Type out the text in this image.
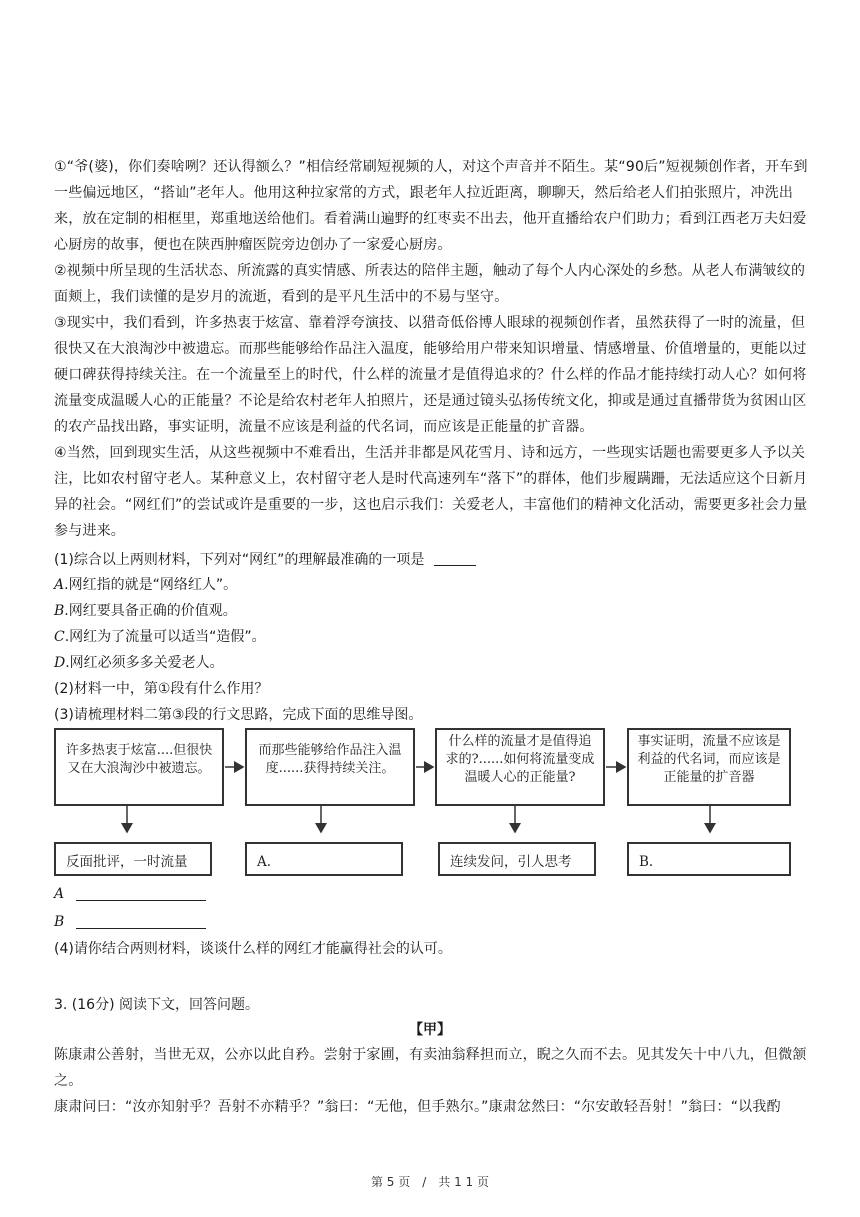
①“爷(婆)，你们奏啥咧？还认得额么？”相信经常刷短视频的人，对这个声音并不陌生。某“90后”短视频创作者，开车到一些偏远地区，“搭讪”老年人。他用这种拉家常的方式，跟老年人拉近距离，聊聊天，然后给老人们拍张照片，冲洗出来，放在定制的相框里，郑重地送给他们。看着满山遍野的红枣卖不出去，他开直播给农户们助力；看到江西老万夫妇爱心厨房的故事，便也在陕西肿瘤医院旁边创办了一家爱心厨房。

②视频中所呈现的生活状态、所流露的真实情感、所表达的陪伴主题，触动了每个人内心深处的乡愁。从老人布满皱纹的面颊上，我们读懂的是岁月的流逝，看到的是平凡生活中的不易与坚守。

③现实中，我们看到，许多热衷于炫富、靠着浮夸演技、以猎奇低俗博人眼球的视频创作者，虽然获得了一时的流量，但很快又在大浪淘沙中被遗忘。而那些能够给作品注入温度，能够给用户带来知识增量、情感增量、价值增量的，更能以过硬口碑获得持续关注。在一个流量至上的时代，什么样的流量才是值得追求的？什么样的作品才能持续打动人心？如何将流量变成温暖人心的正能量？不论是给农村老年人拍照片，还是通过镜头弘扬传统文化，抑或是通过直播带货为贫困山区的农产品找出路，事实证明，流量不应该是利益的代名词，而应该是正能量的扩音器。

④当然，回到现实生活，从这些视频中不难看出，生活并非都是风花雪月、诗和远方，一些现实话题也需要更多人予以关注，比如农村留守老人。某种意义上，农村留守老人是时代高速列车“落下”的群体，他们步履蹒跚，无法适应这个日新月异的社会。“网红们”的尝试或许是重要的一步，这也启示我们：关爱老人，丰富他们的精神文化活动，需要更多社会力量参与进来。

(1)综合以上两则材料，下列对“网红”的理解最准确的一项是
A.网红指的就是“网络红人”。
B.网红要具备正确的价值观。
C.网红为了流量可以适当“造假”。
D.网红必须多多关爱老人。
(2)材料一中，第①段有什么作用？
(3)请梳理材料二第③段的行文思路，完成下面的思维导图。
许多热衷于炫富....但很快又在大浪淘沙中被遗忘。
而那些能够给作品注入温度......获得持续关注。
什么样的流量才是值得追求的?......如何将流量变成温暖人心的正能量?
事实证明，流量不应该是利益的代名词，而应该是正能量的扩音器
反面批评，一时流量	A.	连续发问，引人思考	B.
A
B
(4)请你结合两则材料，谈谈什么样的网红才能赢得社会的认可。
3. (16分) 阅读下文，回答问题。
【甲】

陈康肃公善射，当世无双，公亦以此自矜。尝射于家圃，有卖油翁释担而立，睨之久而不去。见其发矢十中八九，但微颔之。

康肃问曰：“汝亦知射乎？吾射不亦精乎？”翁曰：“无他，但手熟尔。”康肃忿然曰：“尔安敢轻吾射！”翁曰：“以我酌

第 5 页　/　共 1 1 页
